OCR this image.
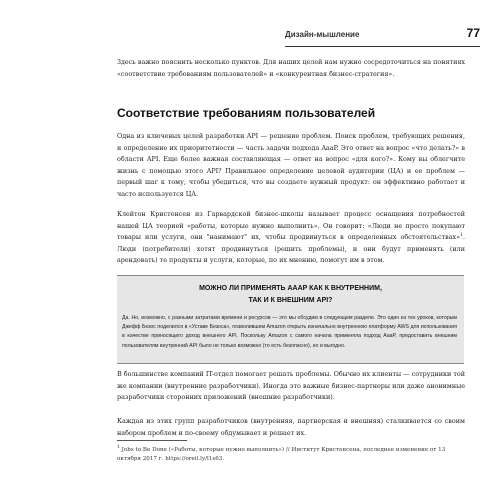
Дизайн-мышление	77

Здесь важно пояснить несколько пунктов. Для наших целей нам нужно сосредоточиться на понятиях «соответствие требованиям пользователей» и «конкурентная бизнес-стратегия».

Соответствие требованиям пользователей

Одна из ключевых целей разработки API — решение проблем. Поиск проблем, требующих решения, и определение их приоритетности — часть задачи подхода AaaP. Это ответ на вопрос «что делать?» в области API. Еще более важная составляющая — ответ на вопрос «для кого?». Кому вы облегчите жизнь с помощью этого API? Правильное определение целевой аудитории (ЦА) и ее проблем — первый шаг к тому, чтобы убедиться, что вы создаете нужный продукт: он эффективно работает и часто используется ЦА.

Клейтон Кристенсен из Гарвардской бизнес-школы называет процесс оснащения потребностей нашей ЦА теорией «работы, которые нужно выполнить». Он говорит: «Люди не просто покупают товары или услуги, они "нанимают" их, чтобы продвинуться в определенных обстоятельствах»$^1$. Люди (потребители) хотят продвинуться (решить проблемы), и они будут применять (или арендовать) те продукты и услуги, которые, по их мнению, помогут им в этом.

МОЖНО ЛИ ПРИМЕНЯТЬ AAAP КАК К ВНУТРЕННИМ,
ТАК И К ВНЕШНИМ API?

Да. Но, возможно, с разными затратами времени и ресурсов — это мы обсудим в следующем разделе. Это один из тех уроков, которым Джефф Безос поделился в «Уставе Безоса», позволившем Amazon открыть изначально внутреннюю платформу AWS для использования в качестве приносящего доход внешнего API. Поскольку Amazon с самого начала применяла подход AaaP, предоставить внешним пользователям внутренний API было не только возможно (то есть безопасно), но и выгодно.

В большинстве компаний IT-отдел помогает решать проблемы. Обычно их клиенты — сотрудники той же компании (внутренние разработчики). Иногда это важные бизнес-партнеры или даже анонимные разработчики сторонних приложений (внешние разработчики).

Каждая из этих групп разработчиков (внутренняя, партнерская и внешняя) сталкивается со своим набором проблем и по-своему обдумывает и решает их.

$^1$ Jobs to Be Done («Работы, которые нужно выполнить») // Институт Кристенсена, последнее изменение от 13 октября 2017 г. https://oreil.ly/l1s63.
